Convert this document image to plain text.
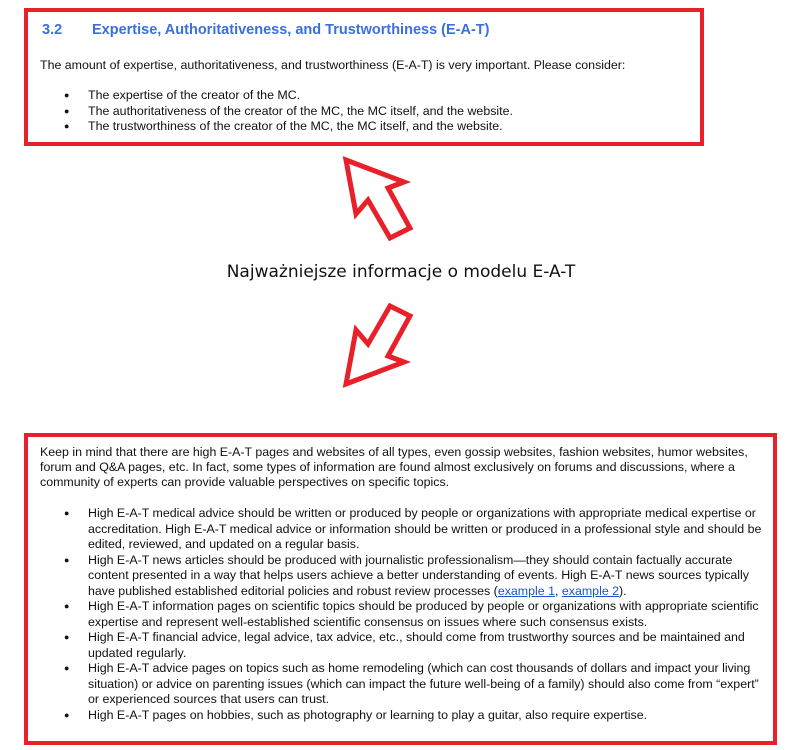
3.2 Expertise, Authoritativeness, and Trustworthiness (E-A-T)
The amount of expertise, authoritativeness, and trustworthiness (E-A-T) is very important. Please consider:
● The expertise of the creator of the MC.
● The authoritativeness of the creator of the MC, the MC itself, and the website.
● The trustworthiness of the creator of the MC, the MC itself, and the website.
Najważniejsze informacje o modelu E-A-T
Keep in mind that there are high E-A-T pages and websites of all types, even gossip websites, fashion websites, humor websites, forum and Q&A pages, etc. In fact, some types of information are found almost exclusively on forums and discussions, where a community of experts can provide valuable perspectives on specific topics.
● High E-A-T medical advice should be written or produced by people or organizations with appropriate medical expertise or accreditation. High E-A-T medical advice or information should be written or produced in a professional style and should be edited, reviewed, and updated on a regular basis.
● High E-A-T news articles should be produced with journalistic professionalism—they should contain factually accurate content presented in a way that helps users achieve a better understanding of events. High E-A-T news sources typically have published established editorial policies and robust review processes (example 1, example 2).
● High E-A-T information pages on scientific topics should be produced by people or organizations with appropriate scientific expertise and represent well-established scientific consensus on issues where such consensus exists.
● High E-A-T financial advice, legal advice, tax advice, etc., should come from trustworthy sources and be maintained and updated regularly.
● High E-A-T advice pages on topics such as home remodeling (which can cost thousands of dollars and impact your living situation) or advice on parenting issues (which can impact the future well-being of a family) should also come from “expert” or experienced sources that users can trust.
● High E-A-T pages on hobbies, such as photography or learning to play a guitar, also require expertise.
